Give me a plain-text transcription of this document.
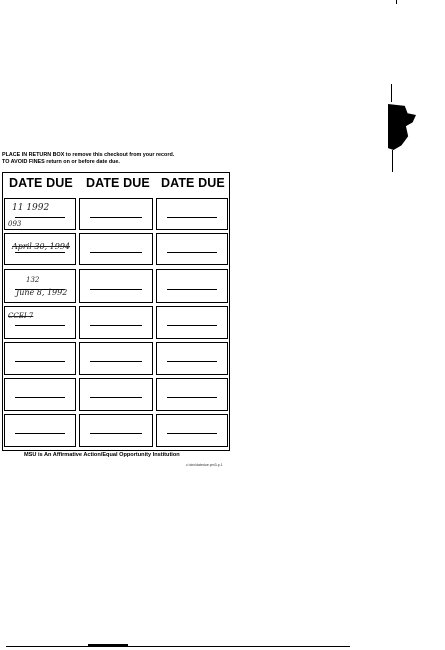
PLACE IN RETURN BOX to remove this checkout from your record.
TO AVOID FINES return on or before date due.
DATE DUE DATE DUE DATE DUE
11 1992
093
April 30, 1994
132
June 8, 1992
CCEI 7
MSU is An Affirmative Action/Equal Opportunity Institution
c:\circ\datedue.pm3-p.1
